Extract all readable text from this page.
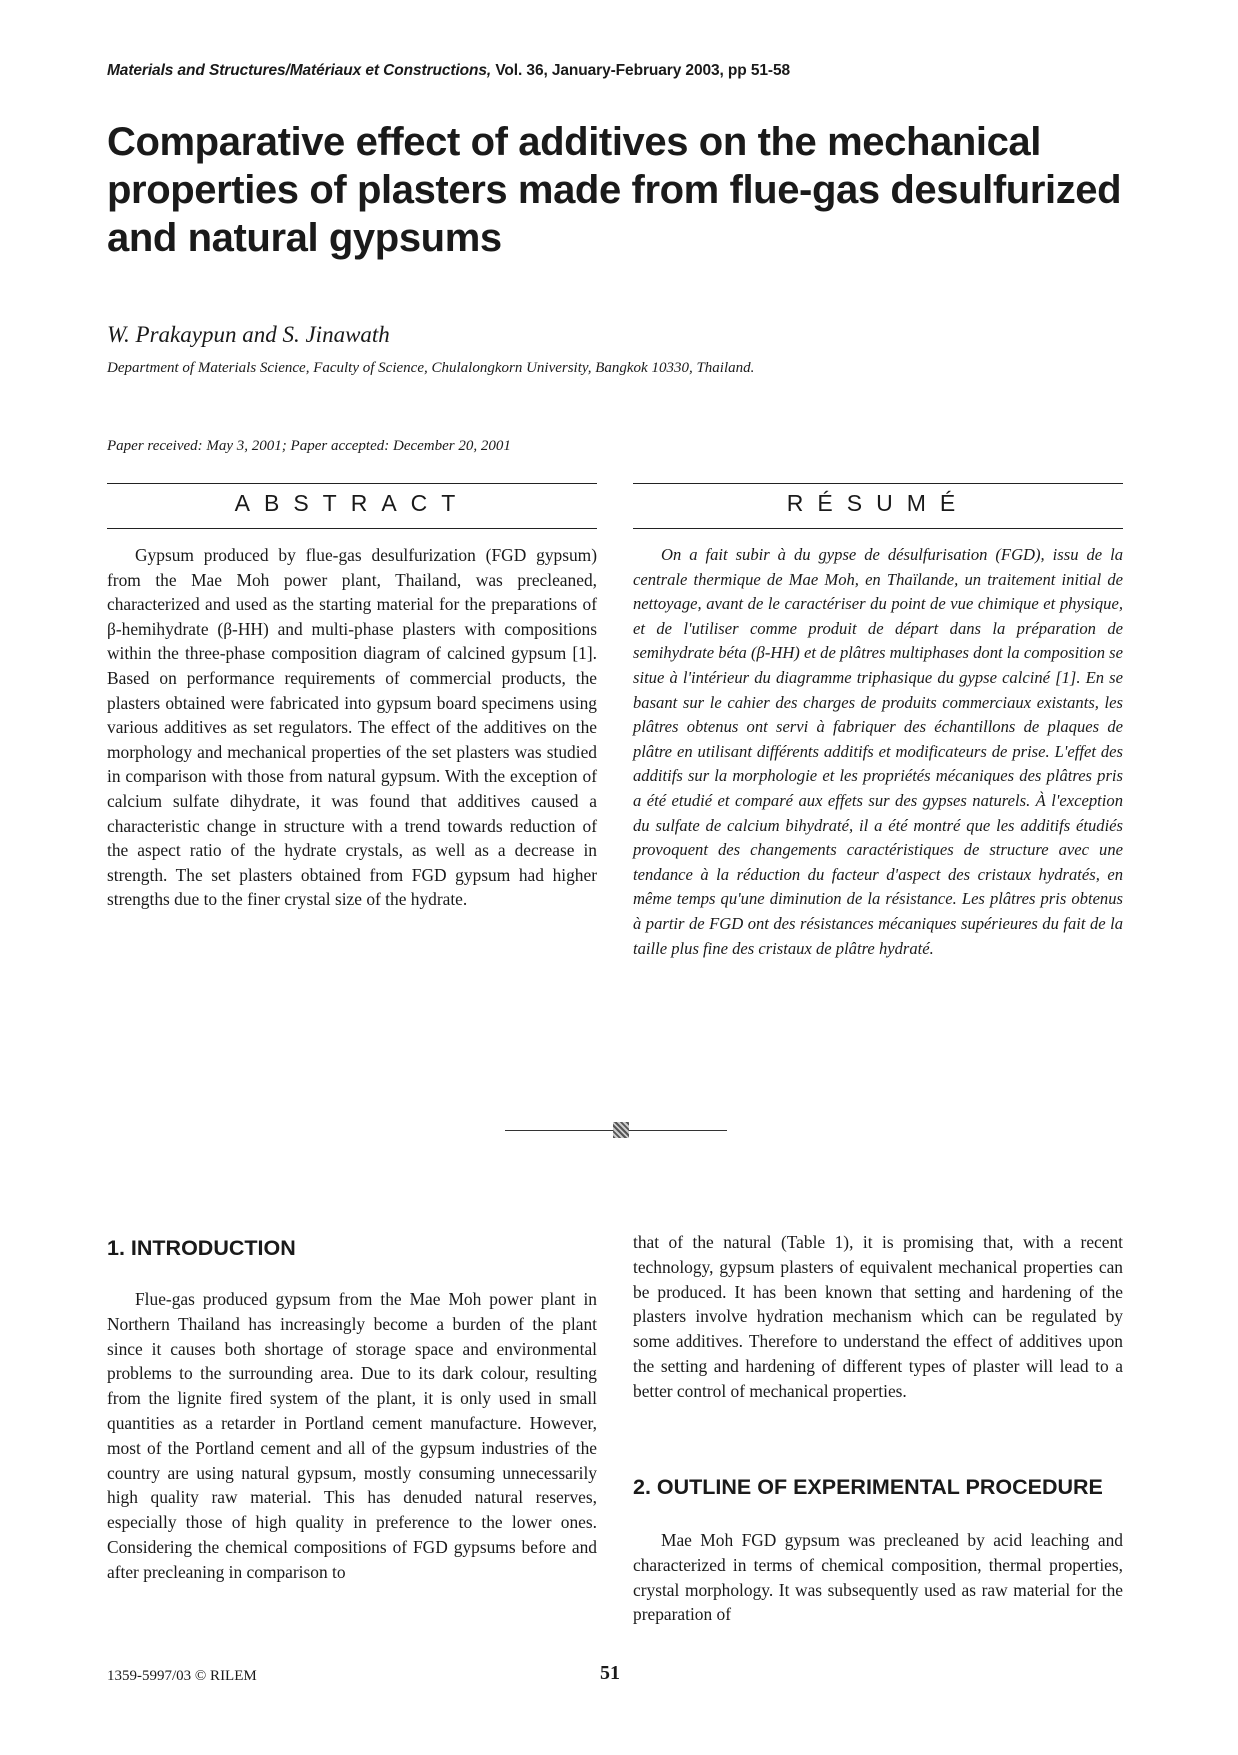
Materials and Structures/Matériaux et Constructions, Vol. 36, January-February 2003, pp 51-58
Comparative effect of additives on the mechanical properties of plasters made from flue-gas desulfurized and natural gypsums
W. Prakaypun and S. Jinawath
Department of Materials Science, Faculty of Science, Chulalongkorn University, Bangkok 10330, Thailand.
Paper received: May 3, 2001; Paper accepted: December 20, 2001
ABSTRACT

Gypsum produced by flue-gas desulfurization (FGD gypsum) from the Mae Moh power plant, Thailand, was precleaned, characterized and used as the starting material for the preparations of β-hemihydrate (β-HH) and multi-phase plasters with compositions within the three-phase composition diagram of calcined gypsum [1]. Based on performance requirements of commercial products, the plasters obtained were fabricated into gypsum board specimens using various additives as set regulators. The effect of the additives on the morphology and mechanical properties of the set plasters was studied in comparison with those from natural gypsum. With the exception of calcium sulfate dihydrate, it was found that additives caused a characteristic change in structure with a trend towards reduction of the aspect ratio of the hydrate crystals, as well as a decrease in strength. The set plasters obtained from FGD gypsum had higher strengths due to the finer crystal size of the hydrate.

RÉSUMÉ

On a fait subir à du gypse de désulfurisation (FGD), issu de la centrale thermique de Mae Moh, en Thaïlande, un traitement initial de nettoyage, avant de le caractériser du point de vue chimique et physique, et de l'utiliser comme produit de départ dans la préparation de semihydrate béta (β-HH) et de plâtres multiphases dont la composition se situe à l'intérieur du diagramme triphasique du gypse calciné [1]. En se basant sur le cahier des charges de produits commerciaux existants, les plâtres obtenus ont servi à fabriquer des échantillons de plaques de plâtre en utilisant différents additifs et modificateurs de prise. L'effet des additifs sur la morphologie et les propriétés mécaniques des plâtres pris a été etudié et comparé aux effets sur des gypses naturels. À l'exception du sulfate de calcium bihydraté, il a été montré que les additifs étudiés provoquent des changements caractéristiques de structure avec une tendance à la réduction du facteur d'aspect des cristaux hydratés, en même temps qu'une diminution de la résistance. Les plâtres pris obtenus à partir de FGD ont des résistances mécaniques supérieures du fait de la taille plus fine des cristaux de plâtre hydraté.

1. INTRODUCTION

Flue-gas produced gypsum from the Mae Moh power plant in Northern Thailand has increasingly become a burden of the plant since it causes both shortage of storage space and environmental problems to the surrounding area. Due to its dark colour, resulting from the lignite fired system of the plant, it is only used in small quantities as a retarder in Portland cement manufacture. However, most of the Portland cement and all of the gypsum industries of the country are using natural gypsum, mostly consuming unnecessarily high quality raw material. This has denuded natural reserves, especially those of high quality in preference to the lower ones. Considering the chemical compositions of FGD gypsums before and after precleaning in comparison to

that of the natural (Table 1), it is promising that, with a recent technology, gypsum plasters of equivalent mechanical properties can be produced. It has been known that setting and hardening of the plasters involve hydration mechanism which can be regulated by some additives. Therefore to understand the effect of additives upon the setting and hardening of different types of plaster will lead to a better control of mechanical properties.

2. OUTLINE OF EXPERIMENTAL PROCEDURE

Mae Moh FGD gypsum was precleaned by acid leaching and characterized in terms of chemical composition, thermal properties, crystal morphology. It was subsequently used as raw material for the preparation of

1359-5997/03 © RILEM	51
